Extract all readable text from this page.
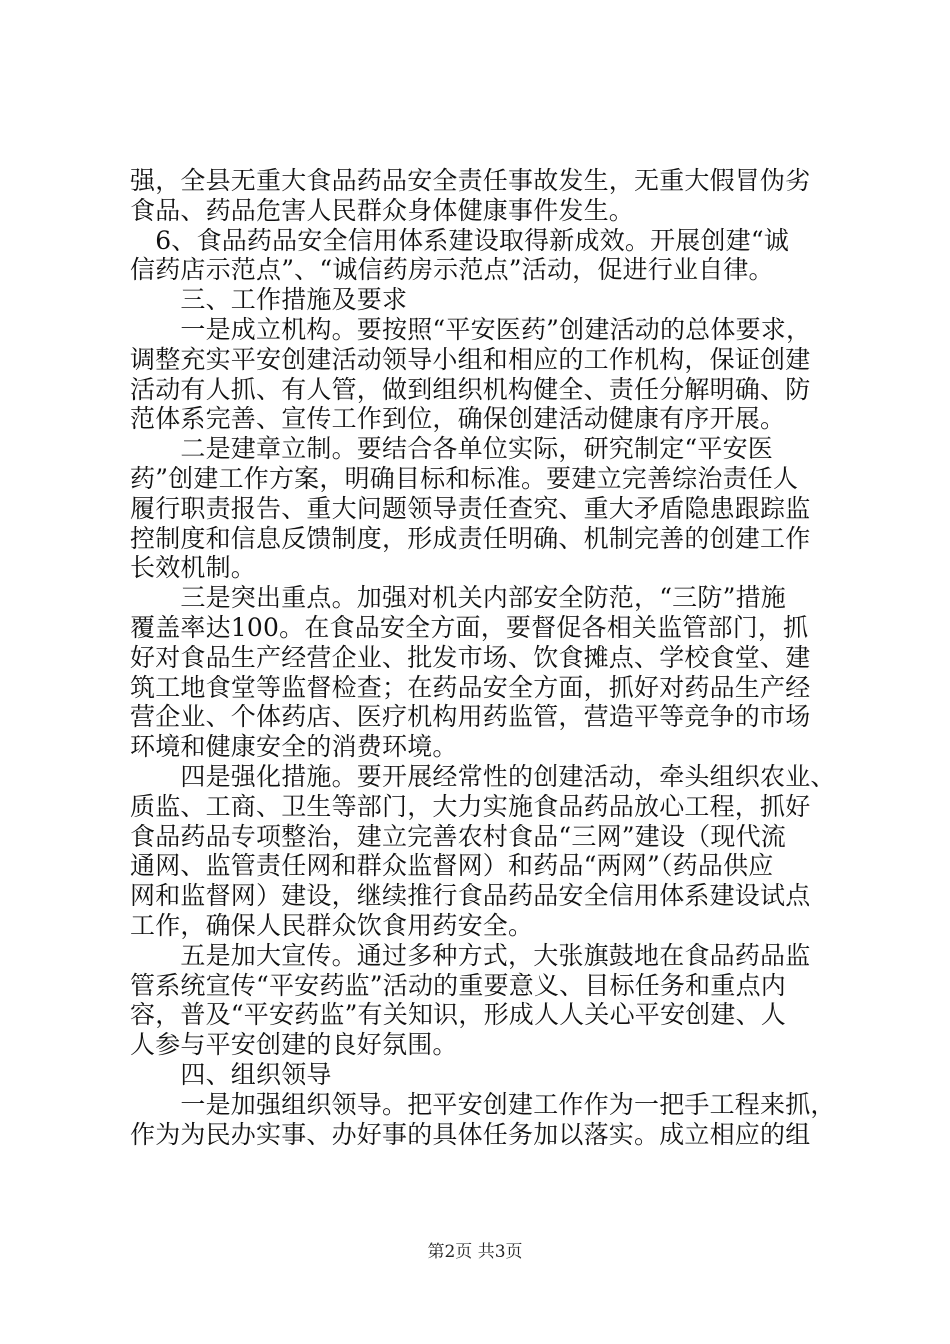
强，全县无重大食品药品安全责任事故发生，无重大假冒伪劣
食品、药品危害人民群众身体健康事件发生。
　6、食品药品安全信用体系建设取得新成效。开展创建“诚
信药店示范点”、“诚信药房示范点”活动，促进行业自律。
　　三、工作措施及要求
　　一是成立机构。要按照“平安医药”创建活动的总体要求，
调整充实平安创建活动领导小组和相应的工作机构，保证创建
活动有人抓、有人管，做到组织机构健全、责任分解明确、防
范体系完善、宣传工作到位，确保创建活动健康有序开展。
　　二是建章立制。要结合各单位实际，研究制定“平安医
药”创建工作方案，明确目标和标准。要建立完善综治责任人
履行职责报告、重大问题领导责任查究、重大矛盾隐患跟踪监
控制度和信息反馈制度，形成责任明确、机制完善的创建工作
长效机制。
　　三是突出重点。加强对机关内部安全防范，“三防”措施
覆盖率达100。在食品安全方面，要督促各相关监管部门，抓
好对食品生产经营企业、批发市场、饮食摊点、学校食堂、建
筑工地食堂等监督检查；在药品安全方面，抓好对药品生产经
营企业、个体药店、医疗机构用药监管，营造平等竞争的市场
环境和健康安全的消费环境。
　　四是强化措施。要开展经常性的创建活动，牵头组织农业、
质监、工商、卫生等部门，大力实施食品药品放心工程，抓好
食品药品专项整治，建立完善农村食品“三网”建设（现代流
通网、监管责任网和群众监督网）和药品“两网”（药品供应
网和监督网）建设，继续推行食品药品安全信用体系建设试点
工作，确保人民群众饮食用药安全。
　　五是加大宣传。通过多种方式，大张旗鼓地在食品药品监
管系统宣传“平安药监”活动的重要意义、目标任务和重点内
容，普及“平安药监”有关知识，形成人人关心平安创建、人
人参与平安创建的良好氛围。
　　四、组织领导
　　一是加强组织领导。把平安创建工作作为一把手工程来抓，
作为为民办实事、办好事的具体任务加以落实。成立相应的组
第2页 共3页
